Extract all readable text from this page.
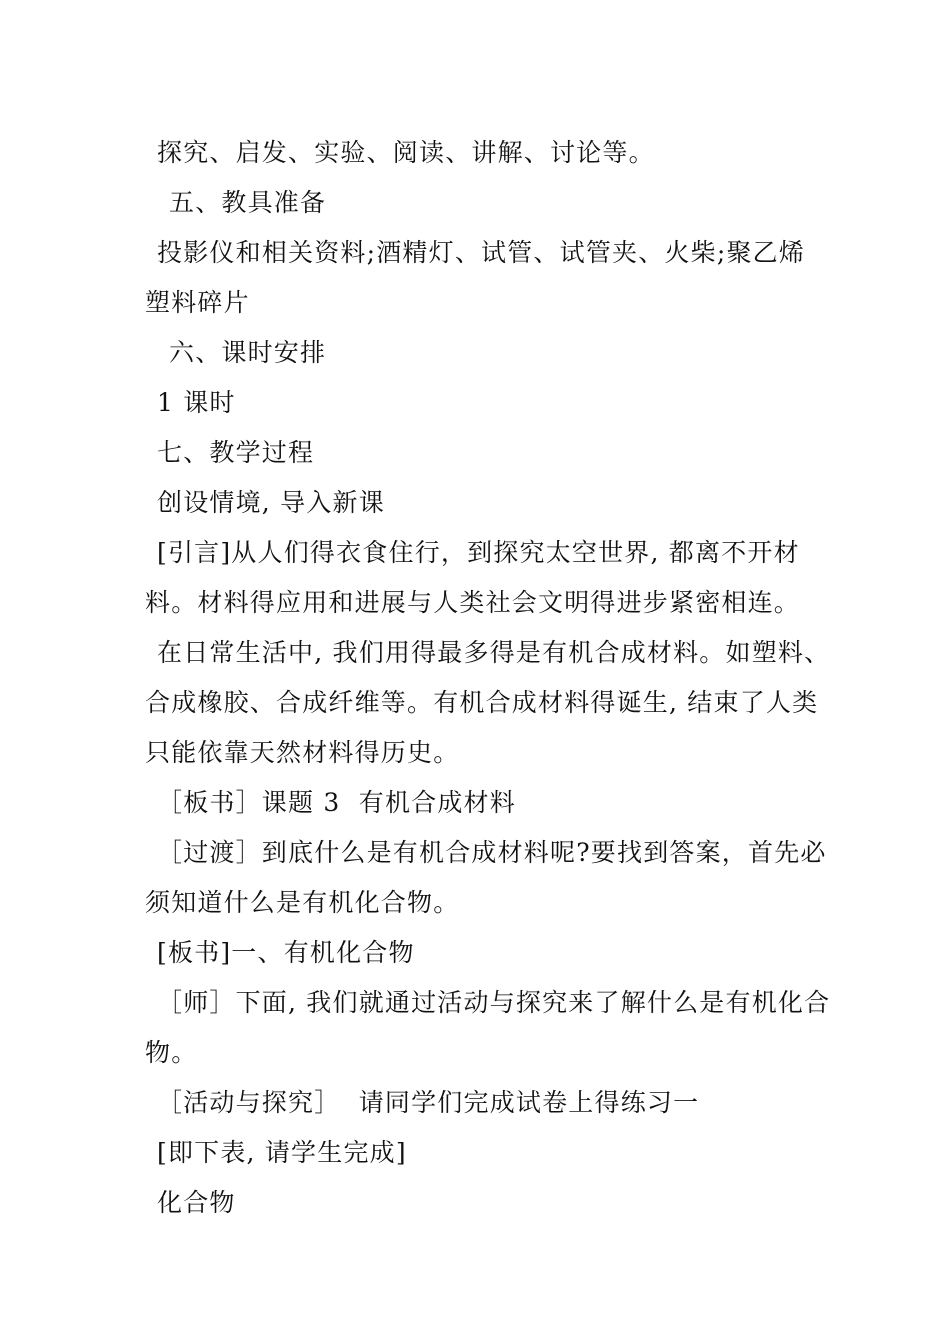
探究、启发、实验、阅读、讲解、讨论等。
五、教具准备
投影仪和相关资料;酒精灯、试管、试管夹、火柴;聚乙烯
塑料碎片
六、课时安排
1 课时
七、教学过程
创设情境, 导入新课
[引言]从人们得衣食住行，到探究太空世界, 都离不开材
料。材料得应用和进展与人类社会文明得进步紧密相连。
在日常生活中, 我们用得最多得是有机合成材料。如塑料、
合成橡胶、合成纤维等。有机合成材料得诞生, 结束了人类
只能依靠天然材料得历史。
［板书］课题 3  有机合成材料
［过渡］到底什么是有机合成材料呢?要找到答案，首先必
须知道什么是有机化合物。
[板书]一、有机化合物
［师］下面, 我们就通过活动与探究来了解什么是有机化合
物。
［活动与探究］  请同学们完成试卷上得练习一
[即下表, 请学生完成]
化合物
